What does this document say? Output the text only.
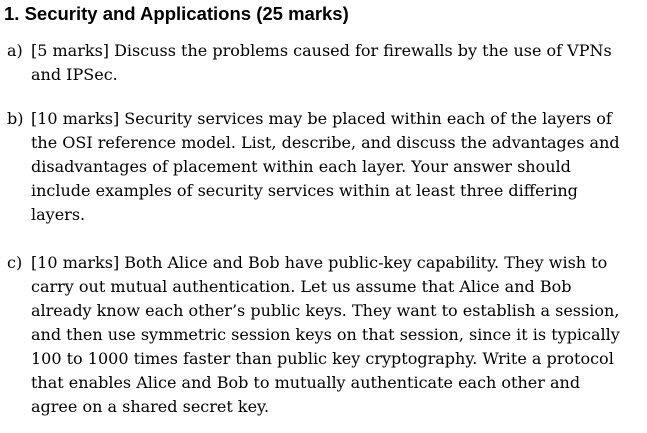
1. Security and Applications (25 marks)
a) [5 marks] Discuss the problems caused for firewalls by the use of VPNs
and IPSec.
b) [10 marks] Security services may be placed within each of the layers of
the OSI reference model. List, describe, and discuss the advantages and
disadvantages of placement within each layer. Your answer should
include examples of security services within at least three differing
layers.
c) [10 marks] Both Alice and Bob have public-key capability. They wish to
carry out mutual authentication. Let us assume that Alice and Bob
already know each other’s public keys. They want to establish a session,
and then use symmetric session keys on that session, since it is typically
100 to 1000 times faster than public key cryptography. Write a protocol
that enables Alice and Bob to mutually authenticate each other and
agree on a shared secret key.
